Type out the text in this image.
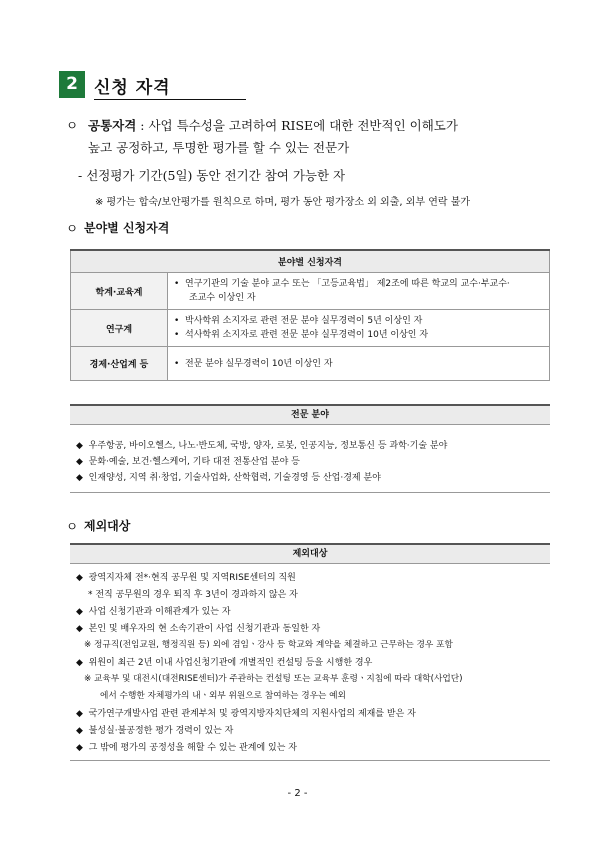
2 신청 자격
ㅇ 공통자격 : 사업 특수성을 고려하여 RISE에 대한 전반적인 이해도가
높고 공정하고, 투명한 평가를 할 수 있는 전문가
- 선정평가 기간(5일) 동안 전기간 참여 가능한 자
※ 평가는 합숙/보안평가를 원칙으로 하며, 평가 동안 평가장소 외 외출, 외부 연락 불가
ㅇ 분야별 신청자격
분야별 신청자격	
학계·교육계	• 연구기관의 기술 분야 교수 또는 「고등교육법」 제2조에 따른 학교의 교수·부교수·
조교수 이상인 자

연구계	• 박사학위 소지자로 관련 전문 분야 실무경력이 5년 이상인 자
• 석사학위 소지자로 관련 전문 분야 실무경력이 10년 이상인 자

경제·산업계 등	• 전문 분야 실무경력이 10년 이상인 자
전문 분야
◆ 우주항공, 바이오헬스, 나노·반도체, 국방, 양자, 로봇, 인공지능, 정보통신 등 과학·기술 분야
◆ 문화·예술, 보건·헬스케어, 기타 대전 전통산업 분야 등
◆ 인재양성, 지역 취·창업, 기술사업화, 산학협력, 기술경영 등 산업·경제 분야
ㅇ 제외대상
제외대상
◆ 광역지자체 전*·현직 공무원 및 지역RISE센터의 직원
* 전직 공무원의 경우 퇴직 후 3년이 경과하지 않은 자
◆ 사업 신청기관과 이해관계가 있는 자
◆ 본인 및 배우자의 현 소속기관이 사업 신청기관과 동일한 자
※ 정규직(전임교원, 행정직원 등) 외에 겸임ㆍ강사 등 학교와 계약을 체결하고 근무하는 경우 포함
◆ 위원이 최근 2년 이내 사업신청기관에 개별적인 컨설팅 등을 시행한 경우
※ 교육부 및 대전시(대전RISE센터)가 주관하는 컨설팅 또는 교육부 훈령ㆍ지침에 따라 대학(사업단)
에서 수행한 자체평가의 내ㆍ외부 위원으로 참여하는 경우는 예외
◆ 국가연구개발사업 관련 관계부처 및 광역지방자치단체의 지원사업의 제재를 받은 자
◆ 불성실·불공정한 평가 경력이 있는 자
◆ 그 밖에 평가의 공정성을 해할 수 있는 관계에 있는 자
- 2 -
